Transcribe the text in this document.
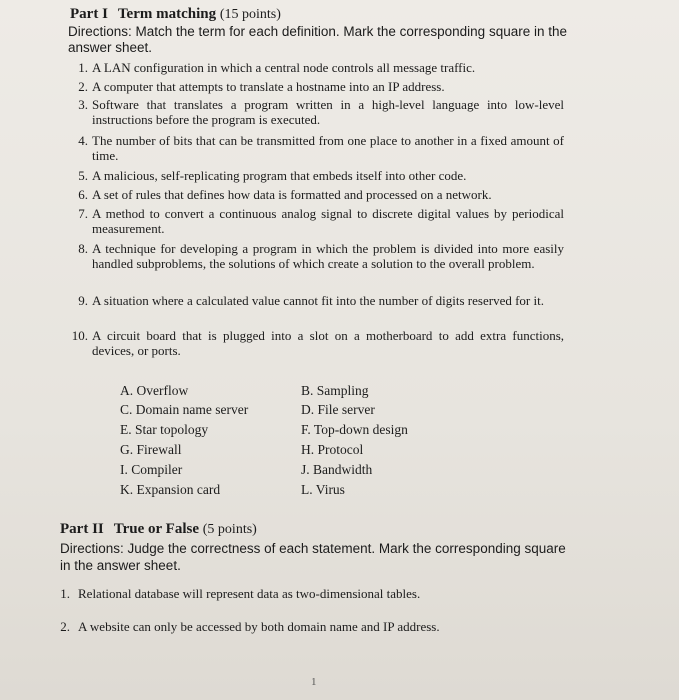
Part I Term matching (15 points)

Directions: Match the term for each definition. Mark the corresponding square in the answer sheet.

1. A LAN configuration in which a central node controls all message traffic.
2. A computer that attempts to translate a hostname into an IP address.
3. Software that translates a program written in a high-level language into low-level instructions before the program is executed.
4. The number of bits that can be transmitted from one place to another in a fixed amount of time.
5. A malicious, self-replicating program that embeds itself into other code.
6. A set of rules that defines how data is formatted and processed on a network.
7. A method to convert a continuous analog signal to discrete digital values by periodical measurement.
8. A technique for developing a program in which the problem is divided into more easily handled subproblems, the solutions of which create a solution to the overall problem.
9. A situation where a calculated value cannot fit into the number of digits reserved for it.
10. A circuit board that is plugged into a slot on a motherboard to add extra functions, devices, or ports.
A. Overflow	B. Sampling
C. Domain name server	D. File server
E. Star topology	F. Top-down design
G. Firewall	H. Protocol
I. Compiler	J. Bandwidth
K. Expansion card	L. Virus

Part II True or False (5 points)

Directions: Judge the correctness of each statement. Mark the corresponding square in the answer sheet.

1. Relational database will represent data as two-dimensional tables.
2. A website can only be accessed by both domain name and IP address.
1
